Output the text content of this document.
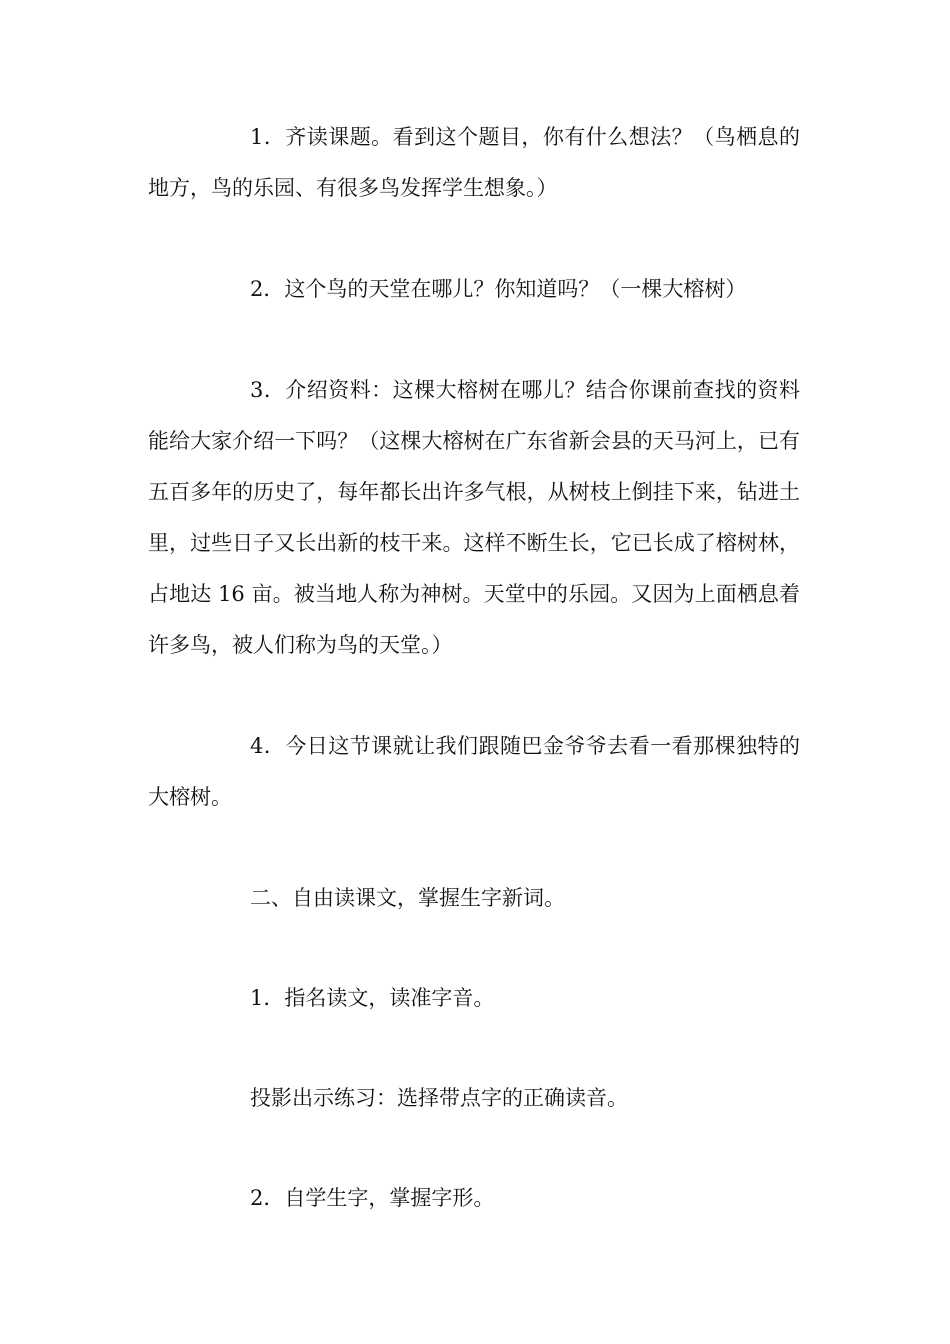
1．齐读课题。看到这个题目，你有什么想法？（鸟栖息的地方，鸟的乐园、有很多鸟发挥学生想象。）

2．这个鸟的天堂在哪儿？你知道吗？（一棵大榕树）

3．介绍资料：这棵大榕树在哪儿？结合你课前查找的资料能给大家介绍一下吗？（这棵大榕树在广东省新会县的天马河上，已有五百多年的历史了，每年都长出许多气根，从树枝上倒挂下来，钻进土里，过些日子又长出新的枝干来。这样不断生长，它已长成了榕树林，占地达 16 亩。被当地人称为神树。天堂中的乐园。又因为上面栖息着许多鸟，被人们称为鸟的天堂。）

4．今日这节课就让我们跟随巴金爷爷去看一看那棵独特的大榕树。

二、自由读课文，掌握生字新词。

1．指名读文，读准字音。

投影出示练习：选择带点字的正确读音。

2．自学生字，掌握字形。
